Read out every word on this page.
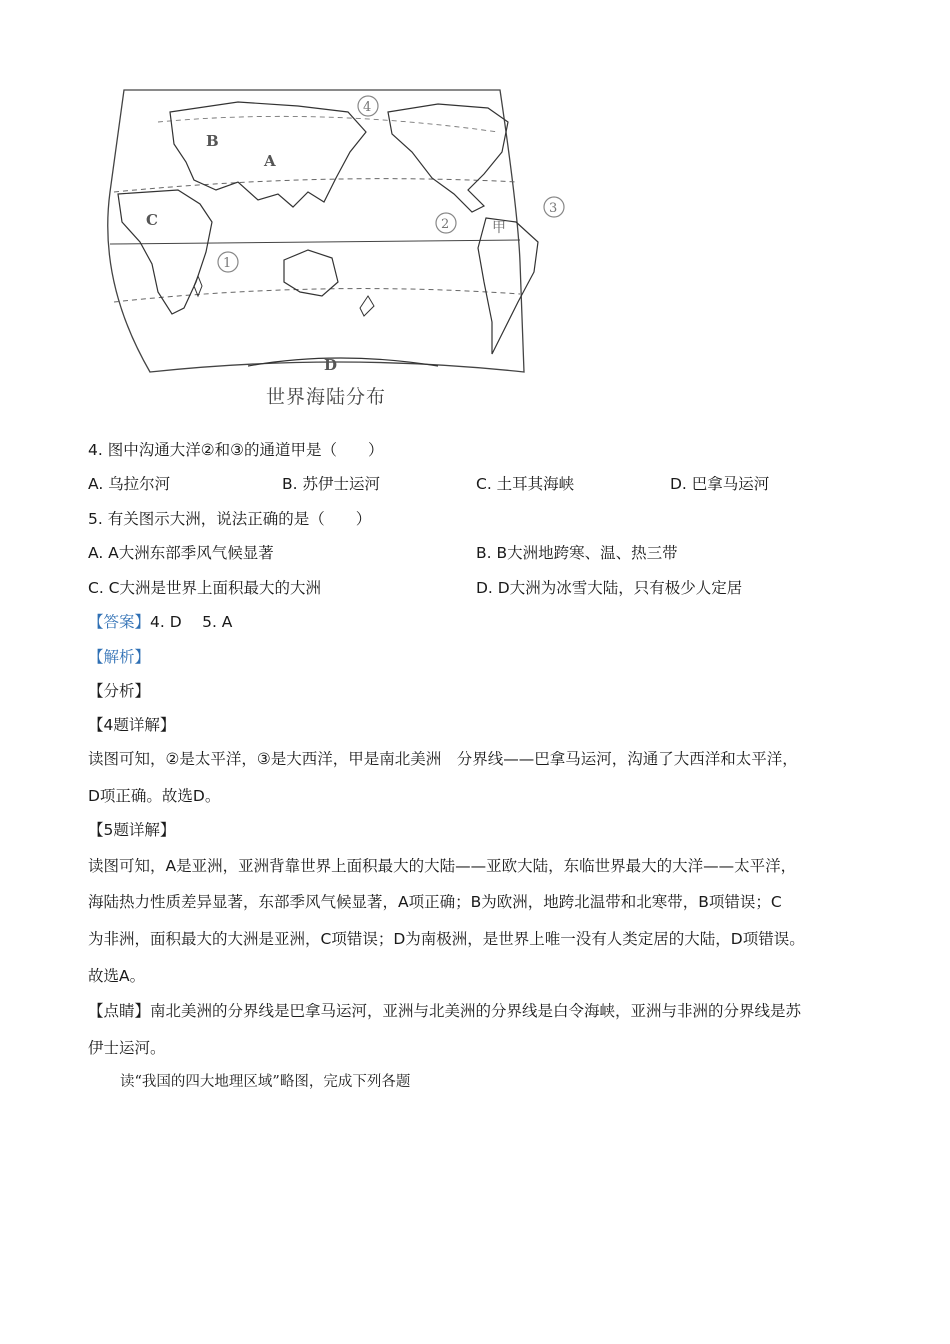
B
A
C
D
甲
4
2
3
1
世界海陆分布
4. 图中沟通大洋②和③的通道甲是（　　）
A. 乌拉尔河	B. 苏伊士运河	C. 土耳其海峡	D. 巴拿马运河
5. 有关图示大洲，说法正确的是（　　）
A. A大洲东部季风气候显著	B. B大洲地跨寒、温、热三带
C. C大洲是世界上面积最大的大洲	D. D大洲为冰雪大陆，只有极少人定居
【答案】4. D　 5. A
【解析】
【分析】
【4题详解】
读图可知，②是太平洋，③是大西洋，甲是南北美洲　分界线——巴拿马运河，沟通了大西洋和太平洋，
D项正确。故选D。
【5题详解】
读图可知，A是亚洲，亚洲背靠世界上面积最大的大陆——亚欧大陆，东临世界最大的大洋——太平洋，
海陆热力性质差异显著，东部季风气候显著，A项正确；B为欧洲，地跨北温带和北寒带，B项错误；C
为非洲，面积最大的大洲是亚洲，C项错误；D为南极洲，是世界上唯一没有人类定居的大陆，D项错误。
故选A。
【点睛】南北美洲的分界线是巴拿马运河，亚洲与北美洲的分界线是白令海峡，亚洲与非洲的分界线是苏
伊士运河。
读“我国的四大地理区域”略图，完成下列各题
